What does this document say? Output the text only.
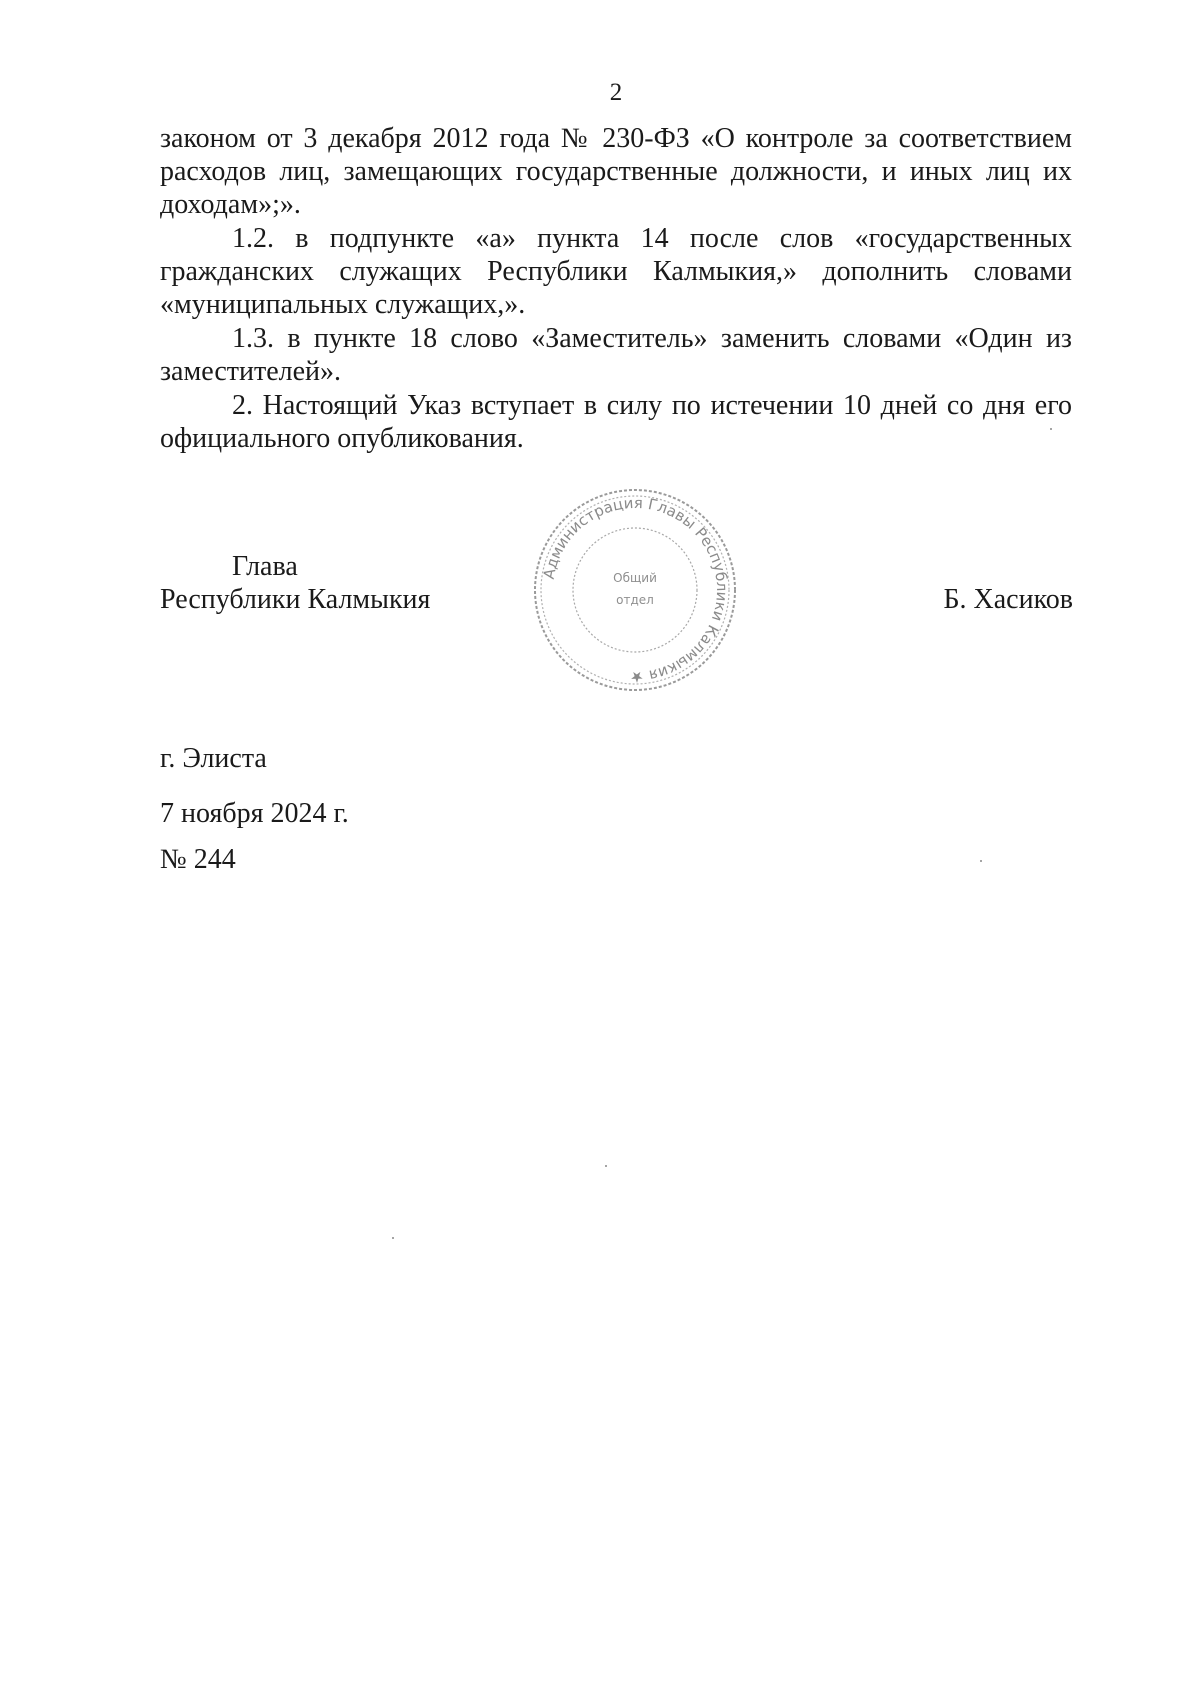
2

законом от 3 декабря 2012 года № 230-ФЗ «О контроле за соответствием расходов лиц, замещающих государственные должности, и иных лиц их доходам»;».

1.2. в подпункте «а» пункта 14 после слов «государственных гражданских служащих Республики Калмыкия,» дополнить словами «муниципальных служащих,».

1.3. в пункте 18 слово «Заместитель» заменить словами «Один из заместителей».

2. Настоящий Указ вступает в силу по истечении 10 дней со дня его официального опубликования.

Глава
Республики Калмыкия	Б. Хасиков
Администрация Главы Республики Калмыкия ★
Общий
отдел
г. Элиста
7 ноября 2024 г.
№ 244
